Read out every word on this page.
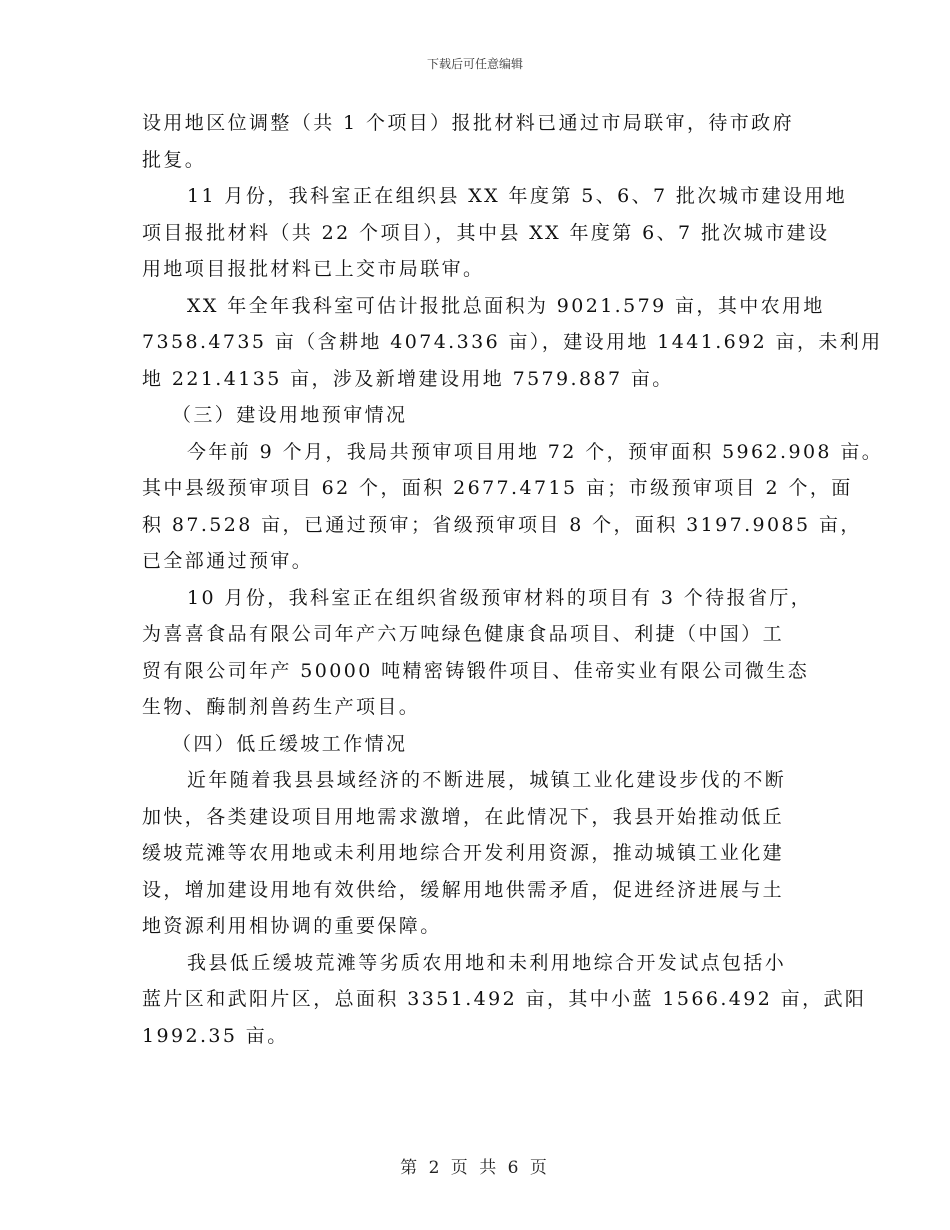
下载后可任意编辑
设用地区位调整（共 1 个项目）报批材料已通过市局联审，待市政府
批复。
11 月份，我科室正在组织县 XX 年度第 5、6、7 批次城市建设用地
项目报批材料（共 22 个项目），其中县 XX 年度第 6、7 批次城市建设
用地项目报批材料已上交市局联审。
XX 年全年我科室可估计报批总面积为 9021.579 亩，其中农用地
7358.4735 亩（含耕地 4074.336 亩），建设用地 1441.692 亩，未利用
地 221.4135 亩，涉及新增建设用地 7579.887 亩。
（三）建设用地预审情况
今年前 9 个月，我局共预审项目用地 72 个，预审面积 5962.908 亩。
其中县级预审项目 62 个，面积 2677.4715 亩；市级预审项目 2 个，面
积 87.528 亩，已通过预审；省级预审项目 8 个，面积 3197.9085 亩，
已全部通过预审。
10 月份，我科室正在组织省级预审材料的项目有 3 个待报省厅，
为喜喜食品有限公司年产六万吨绿色健康食品项目、利捷（中国）工
贸有限公司年产 50000 吨精密铸锻件项目、佳帝实业有限公司微生态
生物、酶制剂兽药生产项目。
（四）低丘缓坡工作情况
近年随着我县县域经济的不断进展，城镇工业化建设步伐的不断
加快，各类建设项目用地需求激增，在此情况下，我县开始推动低丘
缓坡荒滩等农用地或未利用地综合开发利用资源，推动城镇工业化建
设，增加建设用地有效供给，缓解用地供需矛盾，促进经济进展与土
地资源利用相协调的重要保障。
我县低丘缓坡荒滩等劣质农用地和未利用地综合开发试点包括小
蓝片区和武阳片区，总面积 3351.492 亩，其中小蓝 1566.492 亩，武阳
1992.35 亩。
第 2 页 共 6 页
